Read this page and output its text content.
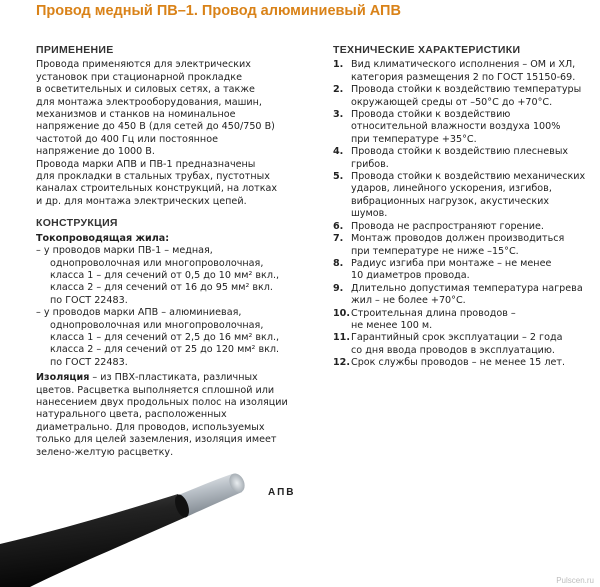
Провод медный ПВ–1. Провод алюминиевый АПВ
ПРИМЕНЕНИЕ

Провода применяются для электрических
установок при стационарной прокладке
в осветительных и силовых сетях, а также
для монтажа электрооборудования, машин,
механизмов и станков на номинальное
напряжение до 450 В (для сетей до 450/750 В)
частотой до 400 Гц или постоянное
напряжение до 1000 В.
Провода марки АПВ и ПВ-1 предназначены
для прокладки в стальных трубах, пустотных
каналах строительных конструкций, на лотках
и др. для монтажа электрических цепей.

КОНСТРУКЦИЯ
Токопроводящая жила:

– у проводов марки ПВ-1 – медная,
однопроволочная или многопроволочная,
класса 1 – для сечений от 0,5 до 10 мм² вкл.,
класса 2 – для сечений от 16 до 95 мм² вкл.
по ГОСТ 22483.

– у проводов марки АПВ – алюминиевая,
однопроволочная или многопроволочная,
класса 1 – для сечений от 2,5 до 16 мм² вкл.,
класса 2 – для сечений от 25 до 120 мм² вкл.
по ГОСТ 22483.

Изоляция – из ПВХ-пластиката, различных
цветов. Расцветка выполняется сплошной или
нанесением двух продольных полос на изоляции
натурального цвета, расположенных
диаметрально. Для проводов, используемых
только для целей заземления, изоляция имеет
зелено-желтую расцветку.

ТЕХНИЧЕСКИЕ ХАРАКТЕРИСТИКИ
1. Вид климатического исполнения – ОМ и ХЛ,
категория размещения 2 по ГОСТ 15150-69.
2. Провода стойки к воздействию температуры
окружающей среды от –50°С до +70°С.
3. Провода стойки к воздействию
относительной влажности воздуха 100%
при температуре +35°С.
4. Провода стойки к воздействию плесневых
грибов.
5. Провода стойки к воздействию механических
ударов, линейного ускорения, изгибов,
вибрационных нагрузок, акустических
шумов.
6. Провода не распространяют горение.
7. Монтаж проводов должен производиться
при температуре не ниже –15°С.
8. Радиус изгиба при монтаже – не менее
10 диаметров провода.
9. Длительно допустимая температура нагрева
жил – не более +70°С.
10. Строительная длина проводов –
не менее 100 м.
11. Гарантийный срок эксплуатации – 2 года
со дня ввода проводов в эксплуатацию.
12. Срок службы проводов – не менее 15 лет.
АПВ
Pulscen.ru
